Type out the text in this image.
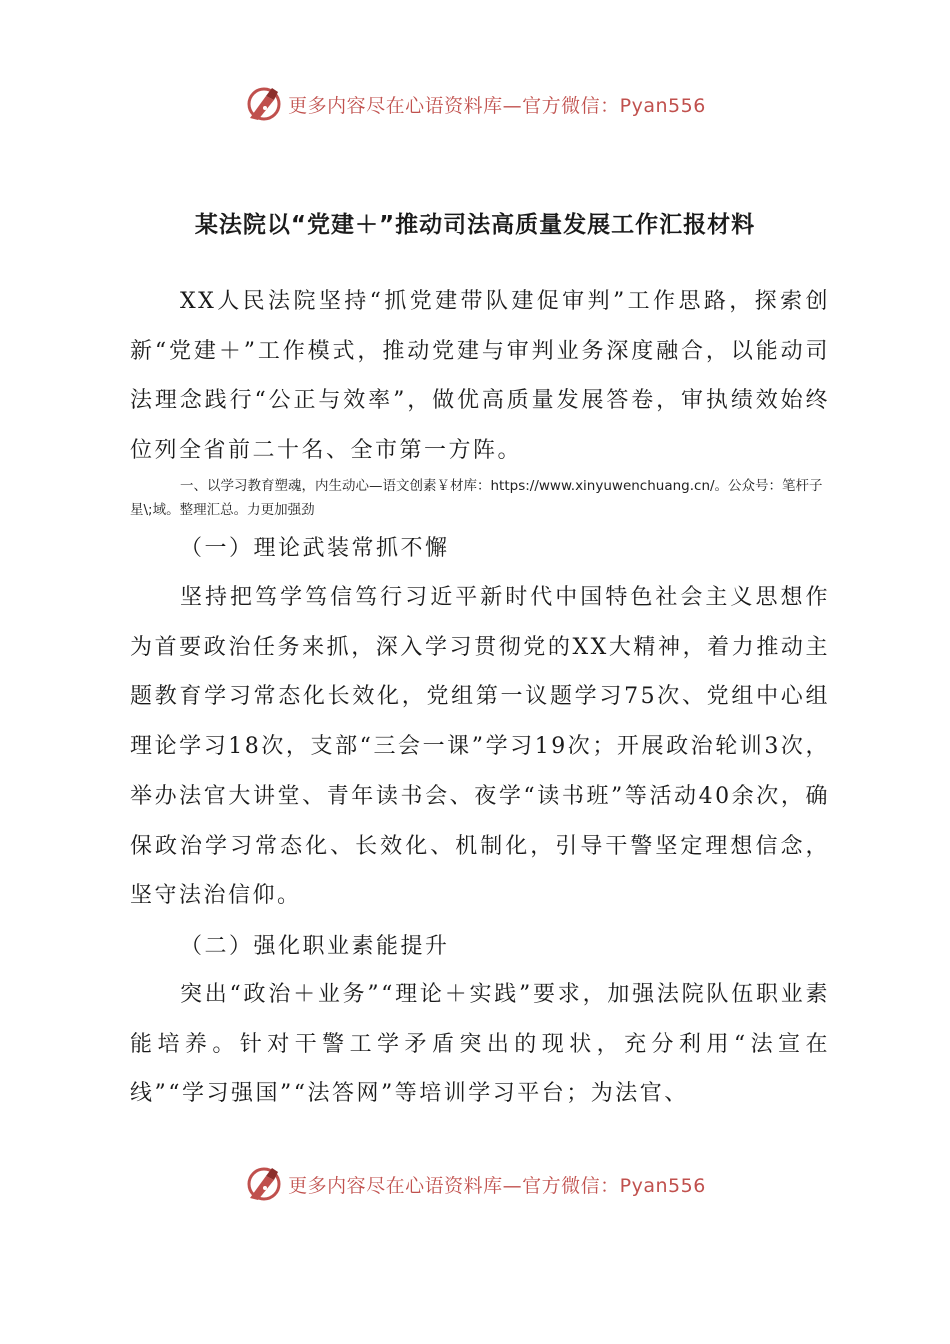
更多内容尽在心语资料库—官方微信：Pyan556
某法院以“党建＋”推动司法高质量发展工作汇报材料

XX人民法院坚持“抓党建带队建促审判”工作思路，探索创新“党建＋”工作模式，推动党建与审判业务深度融合，以能动司法理念践行“公正与效率”，做优高质量发展答卷，审执绩效始终位列全省前二十名、全市第一方阵。

一、以学习教育塑魂，内生动心—语文创素￥材库：https://www.xinyuwenchuang.cn/。公众号：笔杆子星\;域。整理汇总。力更加强劲

（一）理论武装常抓不懈

坚持把笃学笃信笃行习近平新时代中国特色社会主义思想作为首要政治任务来抓，深入学习贯彻党的XX大精神，着力推动主题教育学习常态化长效化，党组第一议题学习75次、党组中心组理论学习18次，支部“三会一课”学习19次；开展政治轮训3次，举办法官大讲堂、青年读书会、夜学“读书班”等活动40余次，确保政治学习常态化、长效化、机制化，引导干警坚定理想信念，坚守法治信仰。

（二）强化职业素能提升

突出“政治＋业务”“理论＋实践”要求，加强法院队伍职业素能培养。针对干警工学矛盾突出的现状，充分利用“法宣在线”“学习强国”“法答网”等培训学习平台；为法官、

更多内容尽在心语资料库—官方微信：Pyan556
